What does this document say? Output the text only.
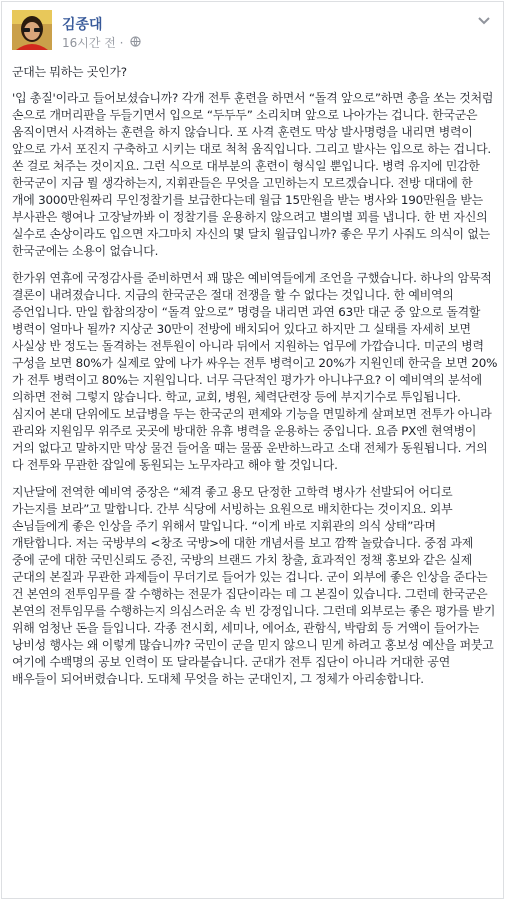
김종대
16시간 전 ·

군대는 뭐하는 곳인가?

'입 총질'이라고 들어보셨습니까? 각개 전투 훈련을 하면서 “돌격 앞으로”하면 총을 쏘는 것처럼 손으로 개머리판을 두들기면서 입으로 “두두두” 소리치며 앞으로 나아가는 겁니다. 한국군은 움직이면서 사격하는 훈련을 하지 않습니다. 포 사격 훈련도 막상 발사명령을 내리면 병력이 앞으로 가서 포진지 구축하고 시키는 대로 척척 움직입니다. 그리고 발사는 입으로 하는 겁니다. 쏜 걸로 쳐주는 것이지요. 그런 식으로 대부분의 훈련이 형식일 뿐입니다. 병력 유지에 민감한 한국군이 지금 뭘 생각하는지, 지휘관들은 무엇을 고민하는지 모르겠습니다. 전방 대대에 한 개에 3000만원짜리 무인정찰기를 보급한다는데 월급 15만원을 받는 병사와 190만원을 받는 부사관은 행여나 고장날까봐 이 정찰기를 운용하지 않으려고 별의별 꾀를 냅니다. 한 번 자신의 실수로 손상이라도 입으면 자그마치 자신의 몇 달치 월급입니까? 좋은 무기 사줘도 의식이 없는 한국군에는 소용이 없습니다.

한가위 연휴에 국정감사를 준비하면서 꽤 많은 예비역들에게 조언을 구했습니다. 하나의 암묵적 결론이 내려졌습니다. 지금의 한국군은 절대 전쟁을 할 수 없다는 것입니다. 한 예비역의 증언입니다. 만일 합참의장이 “돌격 앞으로” 명령을 내리면 과연 63만 대군 중 앞으로 돌격할 병력이 얼마나 될까? 지상군 30만이 전방에 배치되어 있다고 하지만 그 실태를 자세히 보면 사실상 반 정도는 돌격하는 전투원이 아니라 뒤에서 지원하는 업무에 가깝습니다. 미군의 병력 구성을 보면 80%가 실제로 앞에 나가 싸우는 전투 병력이고 20%가 지원인데 한국을 보면 20%가 전투 병력이고 80%는 지원입니다. 너무 극단적인 평가가 아니냐구요? 이 예비역의 분석에 의하면 전혀 그렇지 않습니다. 학교, 교회, 병원, 체력단련장 등에 부지기수로 투입됩니다. 심지어 본대 단위에도 보급병을 두는 한국군의 편제와 기능을 면밀하게 살펴보면 전투가 아니라 관리와 지원임무 위주로 곳곳에 방대한 유휴 병력을 운용하는 중입니다. 요즘 PX엔 현역병이 거의 없다고 말하지만 막상 물건 들어올 때는 물품 운반하느라고 소대 전체가 동원됩니다. 거의 다 전투와 무관한 잡일에 동원되는 노무자라고 해야 할 것입니다.

지난달에 전역한 예비역 중장은 “체격 좋고 용모 단정한 고학력 병사가 선발되어 어디로 가는지를 보라”고 말합니다. 간부 식당에 서빙하는 요원으로 배치한다는 것이지요. 외부 손님들에게 좋은 인상을 주기 위해서 말입니다. “이게 바로 지휘관의 의식 상태”라며 개탄합니다. 저는 국방부의 <창조 국방>에 대한 개념서를 보고 깜짝 놀랐습니다. 중점 과제 중에 군에 대한 국민신뢰도 증진, 국방의 브랜드 가치 창출, 효과적인 정책 홍보와 같은 실제 군대의 본질과 무관한 과제들이 무더기로 들어가 있는 겁니다. 군이 외부에 좋은 인상을 준다는 건 본연의 전투임무를 잘 수행하는 전문가 집단이라는 데 그 본질이 있습니다. 그런데 한국군은 본연의 전투임무를 수행하는지 의심스러운 속 빈 강정입니다. 그런데 외부로는 좋은 평가를 받기 위해 엄청난 돈을 들입니다. 각종 전시회, 세미나, 에어쇼, 관함식, 박람회 등 거액이 들어가는 낭비성 행사는 왜 이렇게 많습니까? 국민이 군을 믿지 않으니 믿게 하려고 홍보성 예산을 퍼붓고 여기에 수백명의 공보 인력이 또 달라붙습니다. 군대가 전투 집단이 아니라 거대한 공연 배우들이 되어버렸습니다. 도대체 무엇을 하는 군대인지, 그 정체가 아리송합니다.
